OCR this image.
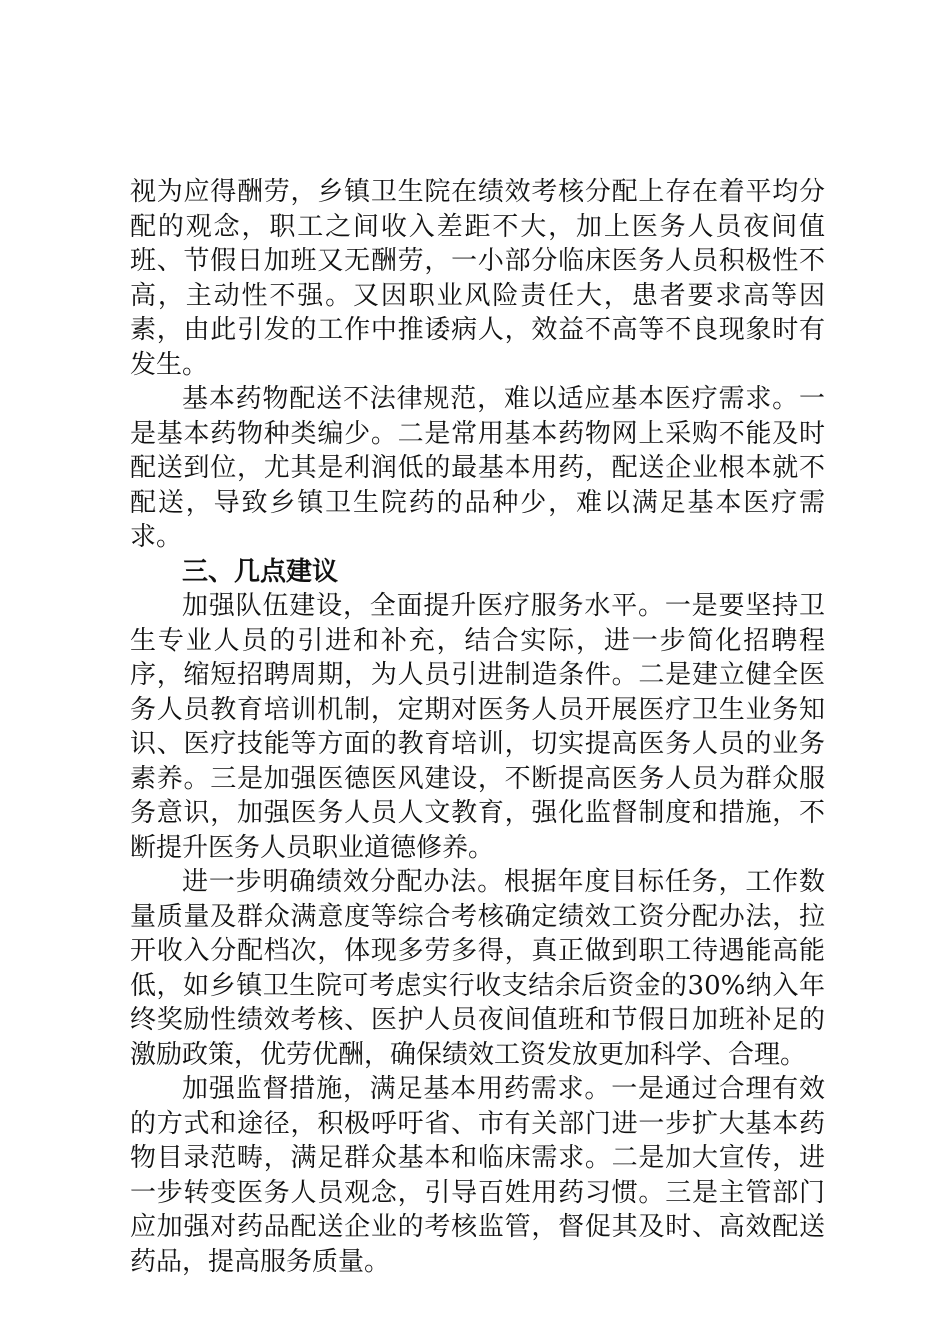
视为应得酬劳，乡镇卫生院在绩效考核分配上存在着平均分配的观念，职工之间收入差距不大，加上医务人员夜间值班、节假日加班又无酬劳，一小部分临床医务人员积极性不高，主动性不强。又因职业风险责任大，患者要求高等因素，由此引发的工作中推诿病人，效益不高等不良现象时有发生。

基本药物配送不法律规范，难以适应基本医疗需求。一是基本药物种类编少。二是常用基本药物网上采购不能及时配送到位，尤其是利润低的最基本用药，配送企业根本就不配送，导致乡镇卫生院药的品种少，难以满足基本医疗需求。

三、几点建议

加强队伍建设，全面提升医疗服务水平。一是要坚持卫生专业人员的引进和补充，结合实际，进一步简化招聘程序，缩短招聘周期，为人员引进制造条件。二是建立健全医务人员教育培训机制，定期对医务人员开展医疗卫生业务知识、医疗技能等方面的教育培训，切实提高医务人员的业务素养。三是加强医德医风建设，不断提高医务人员为群众服务意识，加强医务人员人文教育，强化监督制度和措施，不断提升医务人员职业道德修养。

进一步明确绩效分配办法。根据年度目标任务，工作数量质量及群众满意度等综合考核确定绩效工资分配办法，拉开收入分配档次，体现多劳多得，真正做到职工待遇能高能低，如乡镇卫生院可考虑实行收支结余后资金的30%纳入年终奖励性绩效考核、医护人员夜间值班和节假日加班补足的激励政策，优劳优酬，确保绩效工资发放更加科学、合理。

加强监督措施，满足基本用药需求。一是通过合理有效的方式和途径，积极呼吁省、市有关部门进一步扩大基本药物目录范畴，满足群众基本和临床需求。二是加大宣传，进一步转变医务人员观念，引导百姓用药习惯。三是主管部门应加强对药品配送企业的考核监管，督促其及时、高效配送药品，提高服务质量。
